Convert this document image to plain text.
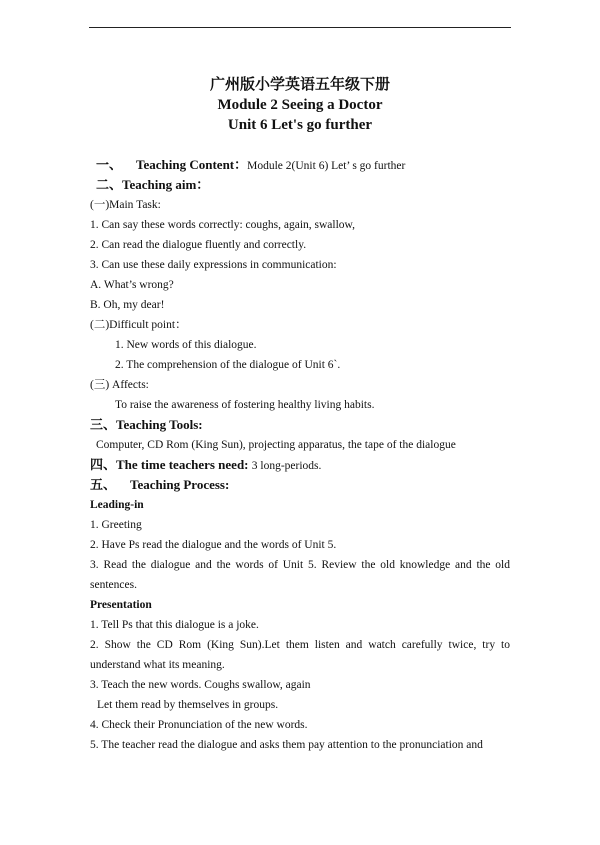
广州版小学英语五年级下册
Module 2 Seeing a Doctor
Unit 6 Let's go further
一、 Teaching Content：Module 2(Unit 6) Let’ s go further
二、Teaching aim：
(一)Main Task:
1. Can say these words correctly: coughs, again, swallow,
2. Can read the dialogue fluently and correctly.
3. Can use these daily expressions in communication:
A. What’s wrong?
B. Oh, my dear!
(二)Difficult point：
1. New words of this dialogue.
2. The comprehension of the dialogue of Unit 6`.
(三) Affects:
To raise the awareness of fostering healthy living habits.
三、Teaching Tools:
Computer, CD Rom (King Sun), projecting apparatus, the tape of the dialogue
四、The time teachers need: 3 long-periods.
五、 Teaching Process:
Leading-in
1. Greeting
2. Have Ps read the dialogue and the words of Unit 5.
3. Read the dialogue and the words of Unit 5. Review the old knowledge and the old sentences.
Presentation
1. Tell Ps that this dialogue is a joke.
2. Show the CD Rom (King Sun).Let them listen and watch carefully twice, try to understand what its meaning.
3. Teach the new words. Coughs swallow, again
Let them read by themselves in groups.
4. Check their Pronunciation of the new words.
5. The teacher read the dialogue and asks them pay attention to the pronunciation and
